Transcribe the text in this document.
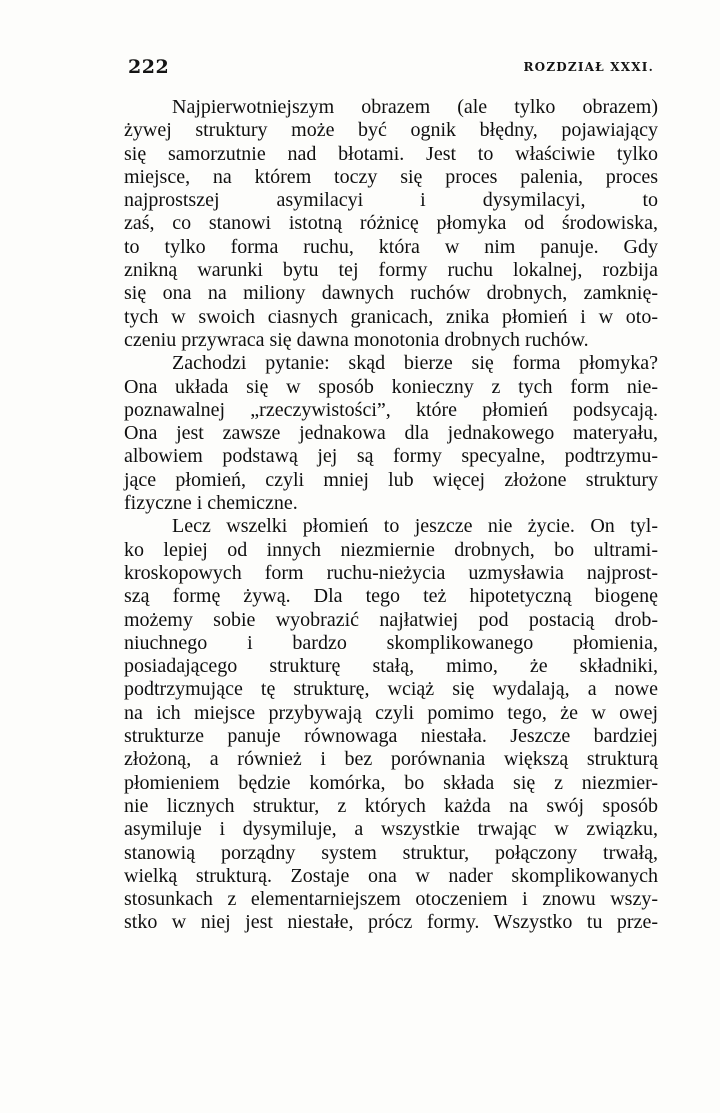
222	ROZDZIAŁ XXXI.
Najpierwotniejszym obrazem (ale tylko obrazem)
żywej struktury może być ognik błędny, pojawiający
się samorzutnie nad błotami. Jest to właściwie tylko
miejsce, na którem toczy się proces palenia, proces
najprostszej asymilacyi i dysymilacyi, to
zaś, co stanowi istotną różnicę płomyka od środowiska,
to tylko forma ruchu, która w nim panuje. Gdy
znikną warunki bytu tej formy ruchu lokalnej, rozbija
się ona na miliony dawnych ruchów drobnych, zamknię-
tych w swoich ciasnych granicach, znika płomień i w oto-
czeniu przywraca się dawna monotonia drobnych ruchów.
Zachodzi pytanie: skąd bierze się forma płomyka?
Ona układa się w sposób konieczny z tych form nie-
poznawalnej „rzeczywistości”, które płomień podsycają.
Ona jest zawsze jednakowa dla jednakowego materyału,
albowiem podstawą jej są formy specyalne, podtrzymu-
jące płomień, czyli mniej lub więcej złożone struktury
fizyczne i chemiczne.
Lecz wszelki płomień to jeszcze nie życie. On tyl-
ko lepiej od innych niezmiernie drobnych, bo ultrami-
kroskopowych form ruchu-nieżycia uzmysławia najprost-
szą formę żywą. Dla tego też hipotetyczną biogenę
możemy sobie wyobrazić najłatwiej pod postacią drob-
niuchnego i bardzo skomplikowanego płomienia,
posiadającego strukturę stałą, mimo, że składniki,
podtrzymujące tę strukturę, wciąż się wydalają, a nowe
na ich miejsce przybywają czyli pomimo tego, że w owej
strukturze panuje równowaga niestała. Jeszcze bardziej
złożoną, a również i bez porównania większą strukturą
płomieniem będzie komórka, bo składa się z niezmier-
nie licznych struktur, z których każda na swój sposób
asymiluje i dysymiluje, a wszystkie trwając w związku,
stanowią porządny system struktur, połączony trwałą,
wielką strukturą. Zostaje ona w nader skomplikowanych
stosunkach z elementarniejszem otoczeniem i znowu wszy-
stko w niej jest niestałe, prócz formy. Wszystko tu prze-
